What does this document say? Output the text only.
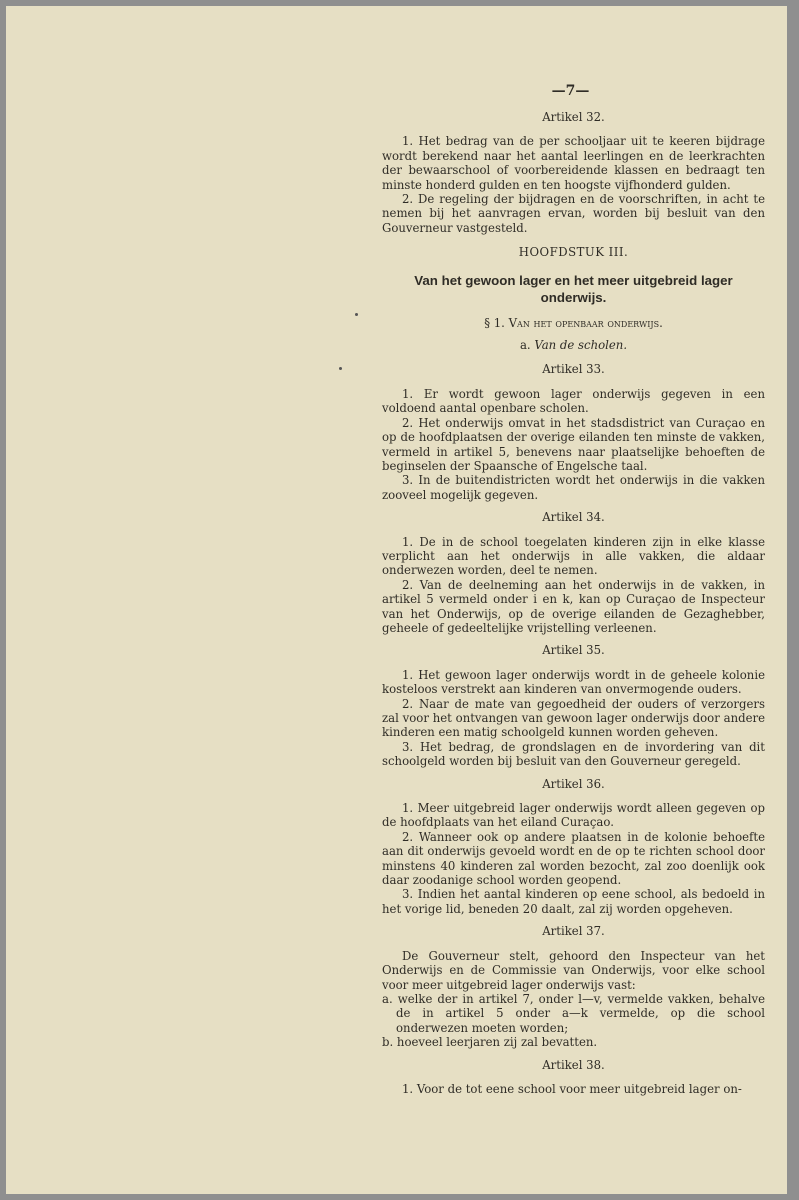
—7—
Artikel 32.

1. Het bedrag van de per schooljaar uit te keeren bijdrage wordt berekend naar het aantal leerlingen en de leerkrachten der bewaarschool of voorbereidende klassen en bedraagt ten minste honderd gulden en ten hoogste vijfhonderd gulden.

2. De regeling der bijdragen en de voorschriften, in acht te nemen bij het aanvragen ervan, worden bij besluit van den Gouverneur vastgesteld.

HOOFDSTUK III.
Van het gewoon lager en het meer uitgebreid lager onderwijs.
§ 1. Van het openbaar onderwijs.
a. Van de scholen.
Artikel 33.

1. Er wordt gewoon lager onderwijs gegeven in een voldoend aantal openbare scholen.

2. Het onderwijs omvat in het stadsdistrict van Curaçao en op de hoofdplaatsen der overige eilanden ten minste de vakken, vermeld in artikel 5, benevens naar plaatselijke behoeften de beginselen der Spaansche of Engelsche taal.

3. In de buitendistricten wordt het onderwijs in die vakken zooveel mogelijk gegeven.

Artikel 34.

1. De in de school toegelaten kinderen zijn in elke klasse verplicht aan het onderwijs in alle vakken, die aldaar onderwezen worden, deel te nemen.

2. Van de deelneming aan het onderwijs in de vakken, in artikel 5 vermeld onder i en k, kan op Curaçao de Inspecteur van het Onderwijs, op de overige eilanden de Gezaghebber, geheele of gedeeltelijke vrijstelling verleenen.

Artikel 35.

1. Het gewoon lager onderwijs wordt in de geheele kolonie kosteloos verstrekt aan kinderen van onvermogende ouders.

2. Naar de mate van gegoedheid der ouders of verzorgers zal voor het ontvangen van gewoon lager onderwijs door andere kinderen een matig schoolgeld kunnen worden geheven.

3. Het bedrag, de grondslagen en de invordering van dit schoolgeld worden bij besluit van den Gouverneur geregeld.

Artikel 36.

1. Meer uitgebreid lager onderwijs wordt alleen gegeven op de hoofdplaats van het eiland Curaçao.

2. Wanneer ook op andere plaatsen in de kolonie behoefte aan dit onderwijs gevoeld wordt en de op te richten school door minstens 40 kinderen zal worden bezocht, zal zoo doenlijk ook daar zoodanige school worden geopend.

3. Indien het aantal kinderen op eene school, als bedoeld in het vorige lid, beneden 20 daalt, zal zij worden opgeheven.

Artikel 37.

De Gouverneur stelt, gehoord den Inspecteur van het Onderwijs en de Commissie van Onderwijs, voor elke school voor meer uitgebreid lager onderwijs vast:

a. welke der in artikel 7, onder l—v, vermelde vakken, behalve de in artikel 5 onder a—k vermelde, op die school onderwezen moeten worden;

b. hoeveel leerjaren zij zal bevatten.

Artikel 38.

1. Voor de tot eene school voor meer uitgebreid lager on-
